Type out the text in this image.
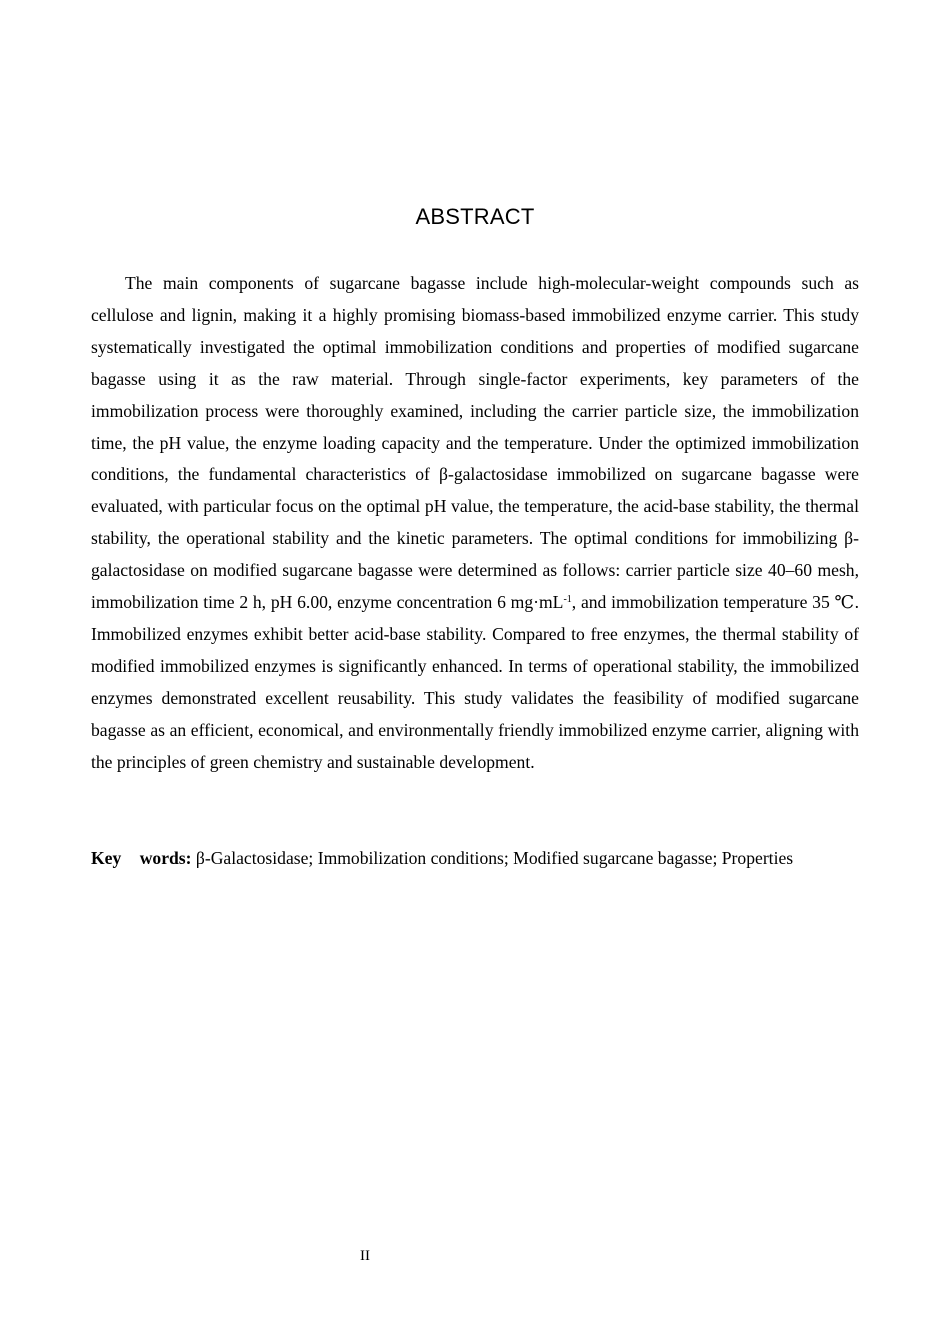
ABSTRACT

The main components of sugarcane bagasse include high-molecular-weight compounds such as cellulose and lignin, making it a highly promising biomass-based immobilized enzyme carrier. This study systematically investigated the optimal immobilization conditions and properties of modified sugarcane bagasse using it as the raw material. Through single-factor experiments, key parameters of the immobilization process were thoroughly examined, including the carrier particle size, the immobilization time, the pH value, the enzyme loading capacity and the temperature. Under the optimized immobilization conditions, the fundamental characteristics of β-galactosidase immobilized on sugarcane bagasse were evaluated, with particular focus on the optimal pH value, the temperature, the acid-base stability, the thermal stability, the operational stability and the kinetic parameters. The optimal conditions for immobilizing β-galactosidase on modified sugarcane bagasse were determined as follows: carrier particle size 40–60 mesh, immobilization time 2 h, pH 6.00, enzyme concentration 6 $mg\cdot mL^{-1}$, and immobilization temperature 35 ℃. Immobilized enzymes exhibit better acid-base stability. Compared to free enzymes, the thermal stability of modified immobilized enzymes is significantly enhanced. In terms of operational stability, the immobilized enzymes demonstrated excellent reusability. This study validates the feasibility of modified sugarcane bagasse as an efficient, economical, and environmentally friendly immobilized enzyme carrier, aligning with the principles of green chemistry and sustainable development.

Key words: β-Galactosidase; Immobilization conditions; Modified sugarcane bagasse; Properties

II
